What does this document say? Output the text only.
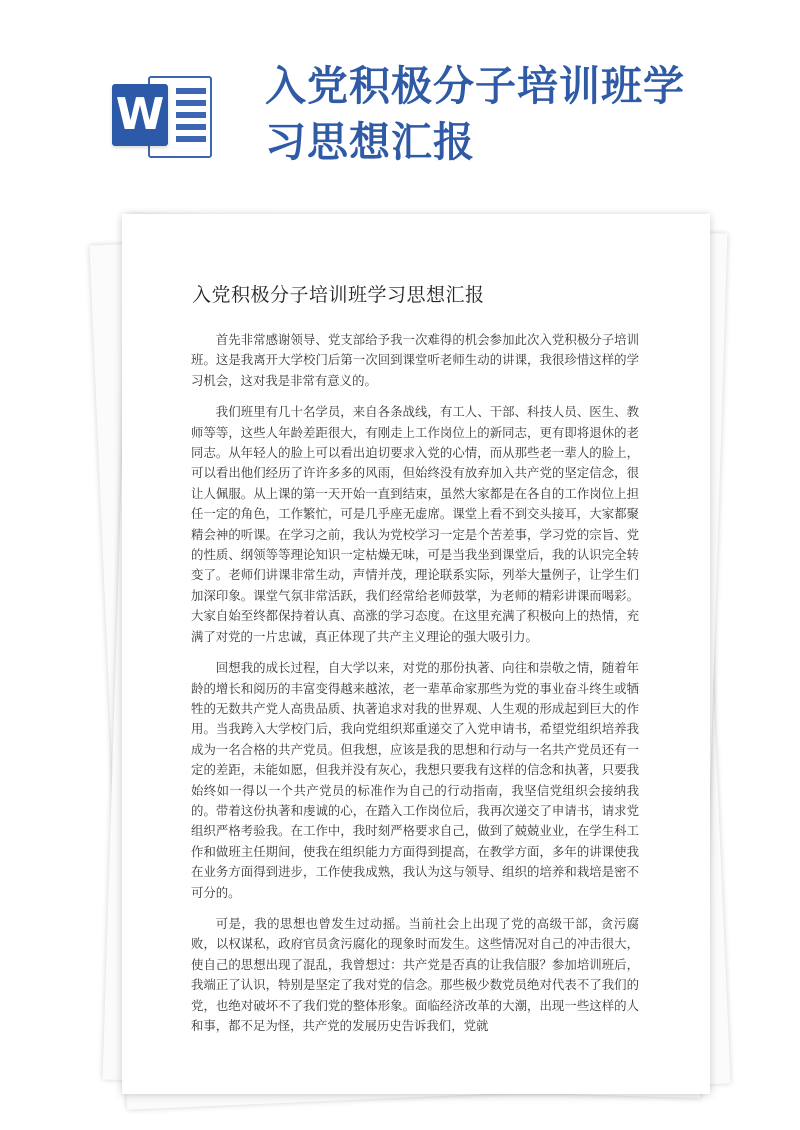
W
入党积极分子培训班学习思想汇报
入党积极分子培训班学习思想汇报

首先非常感谢领导、党支部给予我一次难得的机会参加此次入党积极分子培训班。这是我离开大学校门后第一次回到课堂听老师生动的讲课，我很珍惜这样的学习机会，这对我是非常有意义的。

我们班里有几十名学员，来自各条战线，有工人、干部、科技人员、医生、教师等等，这些人年龄差距很大，有刚走上工作岗位上的新同志，更有即将退休的老同志。从年轻人的脸上可以看出迫切要求入党的心情，而从那些老一辈人的脸上，可以看出他们经历了许许多多的风雨，但始终没有放弃加入共产党的坚定信念，很让人佩服。从上课的第一天开始一直到结束，虽然大家都是在各自的工作岗位上担任一定的角色，工作繁忙，可是几乎座无虚席。课堂上看不到交头接耳，大家都聚精会神的听课。在学习之前，我认为党校学习一定是个苦差事，学习党的宗旨、党的性质、纲领等等理论知识一定枯燥无味，可是当我坐到课堂后，我的认识完全转变了。老师们讲课非常生动，声情并茂，理论联系实际，列举大量例子，让学生们加深印象。课堂气氛非常活跃，我们经常给老师鼓掌，为老师的精彩讲课而喝彩。大家自始至终都保持着认真、高涨的学习态度。在这里充满了积极向上的热情，充满了对党的一片忠诚，真正体现了共产主义理论的强大吸引力。

回想我的成长过程，自大学以来，对党的那份执著、向往和崇敬之情，随着年龄的增长和阅历的丰富变得越来越浓，老一辈革命家那些为党的事业奋斗终生或牺牲的无数共产党人高贵品质、执著追求对我的世界观、人生观的形成起到巨大的作用。当我跨入大学校门后，我向党组织郑重递交了入党申请书，希望党组织培养我成为一名合格的共产党员。但我想，应该是我的思想和行动与一名共产党员还有一定的差距，未能如愿，但我并没有灰心，我想只要我有这样的信念和执著，只要我始终如一得以一个共产党员的标准作为自己的行动指南，我坚信党组织会接纳我的。带着这份执著和虔诚的心，在踏入工作岗位后，我再次递交了申请书，请求党组织严格考验我。在工作中，我时刻严格要求自己，做到了兢兢业业，在学生科工作和做班主任期间，使我在组织能力方面得到提高，在教学方面，多年的讲课使我在业务方面得到进步，工作使我成熟，我认为这与领导、组织的培养和栽培是密不可分的。

可是，我的思想也曾发生过动摇。当前社会上出现了党的高级干部，贪污腐败，以权谋私，政府官员贪污腐化的现象时而发生。这些情况对自己的冲击很大，使自己的思想出现了混乱，我曾想过：共产党是否真的让我信服？参加培训班后，我端正了认识，特别是坚定了我对党的信念。那些极少数党员绝对代表不了我们的党，也绝对破坏不了我们党的整体形象。面临经济改革的大潮，出现一些这样的人和事，都不足为怪，共产党的发展历史告诉我们，党就
